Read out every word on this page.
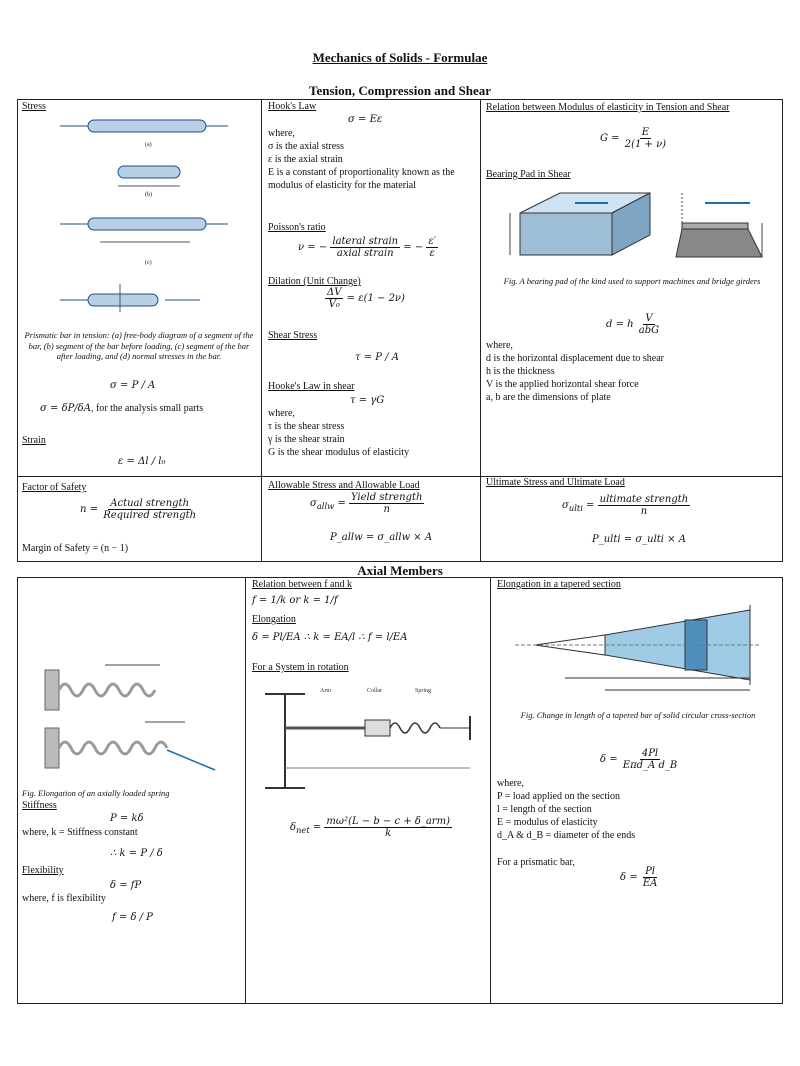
Mechanics of Solids - Formulae
Tension, Compression and Shear
Axial Members
Stress
(a)
(b)
(c)
Prismatic bar in tension: (a) free-body diagram of a segment of the bar, (b) segment of the bar before loading, (c) segment of the bar after loading, and (d) normal stresses in the bar.
σ = P / A
σ = δP/δA, for the analysis small parts
Strain
ε = Δl / l₀
Hook's Law
σ = Eε
where,
σ is the axial stress
ε is the axial strain
E is a constant of proportionality known as the modulus of elasticity for the material
Poisson's ratio
ν = − $\frac{\text{lateral strain}}{\text{axial strain}}$ = − $\frac{\varepsilon'}{\varepsilon}$
Dilation (Unit Change)
$\frac{\Delta V}{\text{V₀}} = \varepsilon(1 - 2\nu)$
Shear Stress
τ = P / A
Hooke's Law in shear
τ = γG
where,
τ is the shear stress
γ is the shear strain
G is the shear modulus of elasticity
Relation between Modulus of elasticity in Tension and Shear
$G = \frac{E}{2(1 + \nu)}$
Bearing Pad in Shear
Fig. A bearing pad of the kind used to support machines and bridge girders
d = h $\frac{V}{\text{abG}}$
where,
d is the horizontal displacement due to shear
h is the thickness
V is the applied horizontal shear force
a, b are the dimensions of plate
Factor of Safety
$n = \frac{\text{Actual strength}}{\text{Required strength}}$
Margin of Safety = (n − 1)
Allowable Stress and Allowable Load
$\sigma_{allw} = \frac{\text{Yield strength}}{n}$
P_allw = σ_allw × A
Ultimate Stress and Ultimate Load
$\sigma_{ulti} = \frac{\text{ultimate strength}}{n}$
P_ulti = σ_ulti × A
Fig. Elongation of an axially loaded spring
Stiffness
P = kδ
where, k = Stiffness constant
∴ k = P / δ
Flexibility
δ = fP
where, f is flexibility
f = δ / P
Relation between f and k
f = 1/k or k = 1/f
Elongation
δ = Pl/EA ∴ k = EA/l ∴ f = l/EA
For a System in rotation
Arm	Collar	Spring
$\delta_{net} = \frac{\text{mω²(L − b − c + δ\_arm)}}{k}$
Elongation in a tapered section
Fig. Change in length of a tapered bar of solid circular cross-section
$\delta = \frac{4Pl}{\text{Eπd\_A d\_B}}$
where,
P = load applied on the section
l = length of the section
E = modulus of elasticity
d_A & d_B = diameter of the ends
For a prismatic bar,
$\delta = \frac{Pl}{EA}$
